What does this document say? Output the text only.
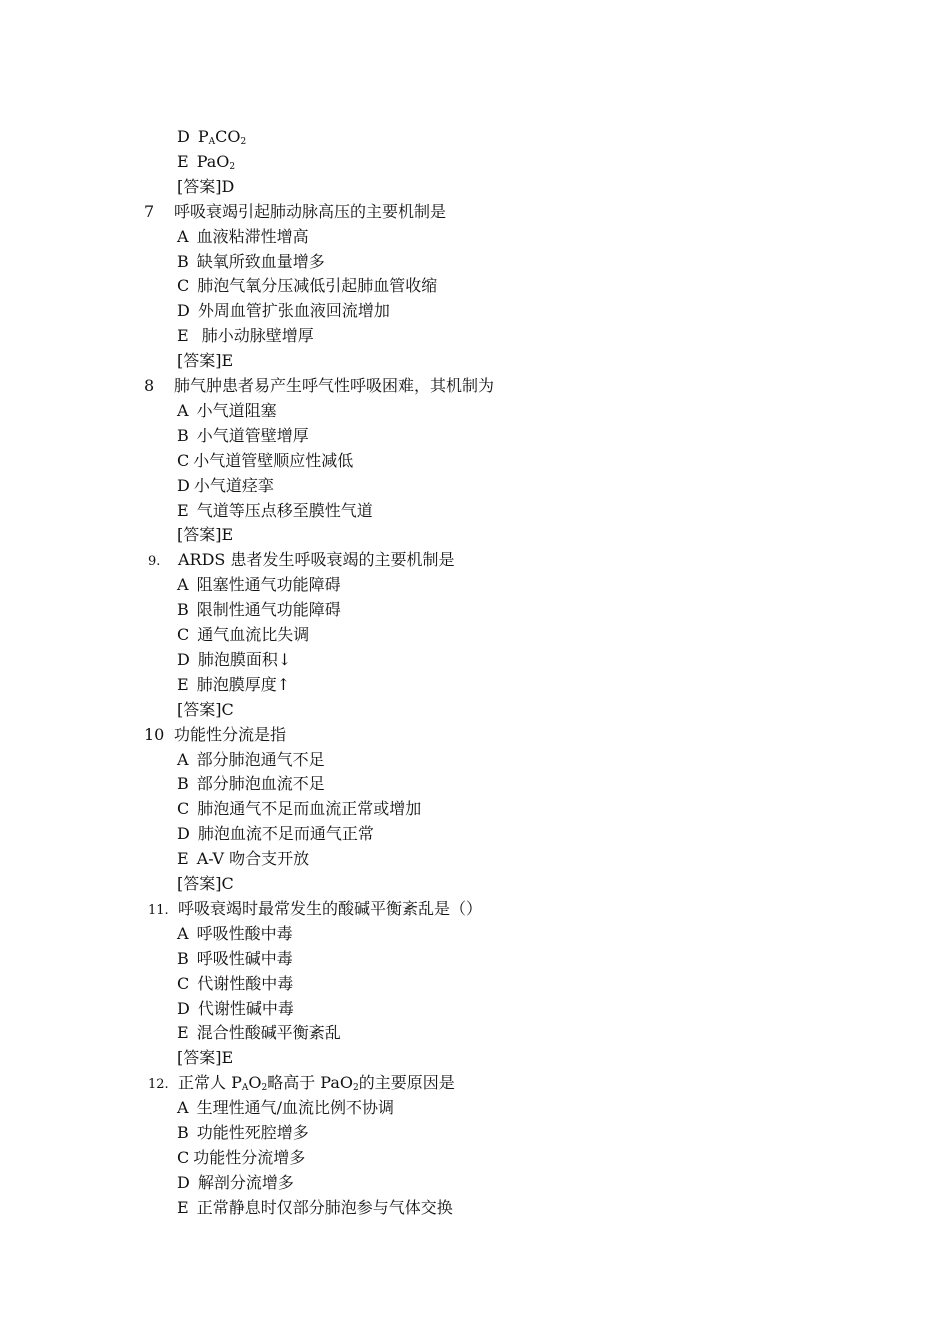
D $P_ACO_2$
E PaO$_2$
[答案]D
7 呼吸衰竭引起肺动脉高压的主要机制是
A 血液粘滞性增高
B 缺氧所致血量增多
C 肺泡气氧分压减低引起肺血管收缩
D 外周血管扩张血液回流增加
E 肺小动脉壁增厚
[答案]E
8 肺气肿患者易产生呼气性呼吸困难，其机制为
A 小气道阻塞
B 小气道管壁增厚
C 小气道管壁顺应性减低
D 小气道痉挛
E 气道等压点移至膜性气道
[答案]E
9. ARDS 患者发生呼吸衰竭的主要机制是
A 阻塞性通气功能障碍
B 限制性通气功能障碍
C 通气血流比失调
D 肺泡膜面积↓
E 肺泡膜厚度↑
[答案]C
10 功能性分流是指
A 部分肺泡通气不足
B 部分肺泡血流不足
C 肺泡通气不足而血流正常或增加
D 肺泡血流不足而通气正常
E A-V 吻合支开放
[答案]C
11. 呼吸衰竭时最常发生的酸碱平衡紊乱是（）
A 呼吸性酸中毒
B 呼吸性碱中毒
C 代谢性酸中毒
D 代谢性碱中毒
E 混合性酸碱平衡紊乱
[答案]E
12. 正常人 $P_AO_2$略高于 PaO$_2$的主要原因是
A 生理性通气/血流比例不协调
B 功能性死腔增多
C 功能性分流增多
D 解剖分流增多
E 正常静息时仅部分肺泡参与气体交换
